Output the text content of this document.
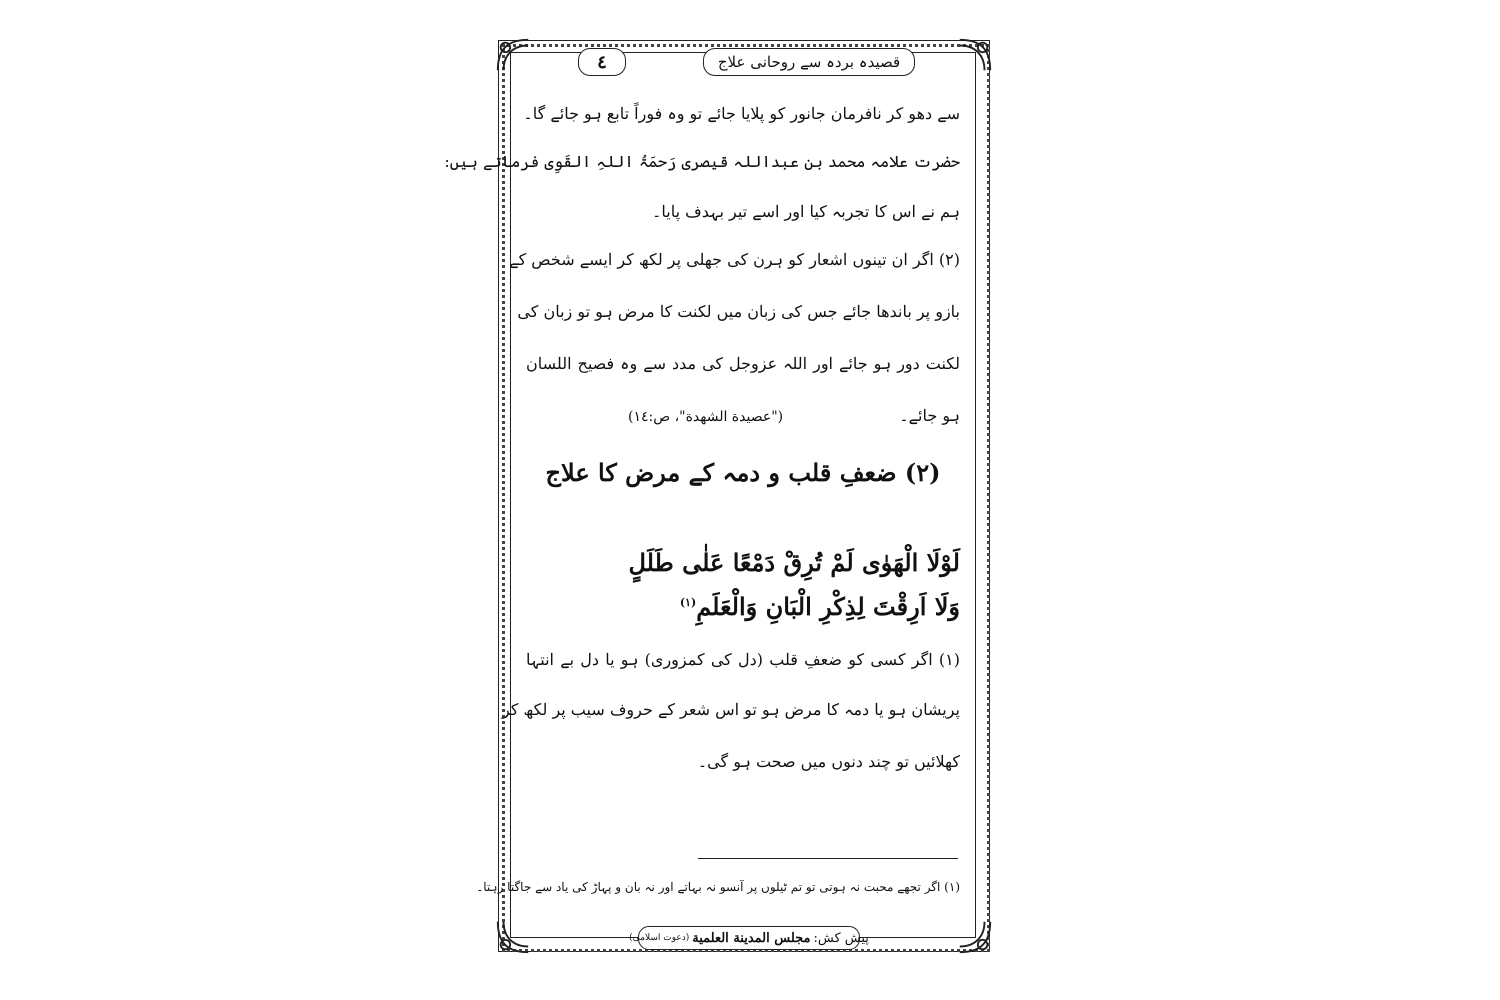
قصیدہ بردہ سے روحانی علاج
٤
سے دھو کر نافرمان جانور کو پلایا جائے تو وہ فوراً تابع ہو جائے گا۔
حضرت علامہ محمد بن عبداللہ قیصری رَحمَۃُ اللہِ القَوِی فرماتے ہیں:
ہم نے اس کا تجربہ کیا اور اسے تیر بہدف پایا۔
(۲) اگر ان تینوں اشعار کو ہرن کی جھلی پر لکھ کر ایسے شخص کے
بازو پر باندھا جائے جس کی زبان میں لکنت کا مرض ہو تو زبان کی
لکنت دور ہو جائے اور اللہ عزوجل کی مدد سے وہ فصیح اللسان
ہو جائے۔
("عصيدة الشهدة"، ص:١٤)
(۲) ضعفِ قلب و دمہ کے مرض کا علاج
لَوْلَا الْهَوٰى لَمْ تُرِقْ دَمْعًا عَلٰى طَلَلٍ
وَلَا اَرِقْتَ لِذِكْرِ الْبَانِ وَالْعَلَمِ$^{(۱)}$
(۱) اگر کسی کو ضعفِ قلب (دل کی کمزوری) ہو یا دل بے انتہا
پریشان ہو یا دمہ کا مرض ہو تو اس شعر کے حروف سیب پر لکھ کر
کھلائیں تو چند دنوں میں صحت ہو گی۔
(۱) اگر تجھے محبت نہ ہوتی تو تم ٹیلوں پر آنسو نہ بہاتے اور نہ بان و پہاڑ کی یاد سے جاگتا رہتا۔
پیش کش:
مجلس المدينة العلمية
(دعوت اسلامی)
